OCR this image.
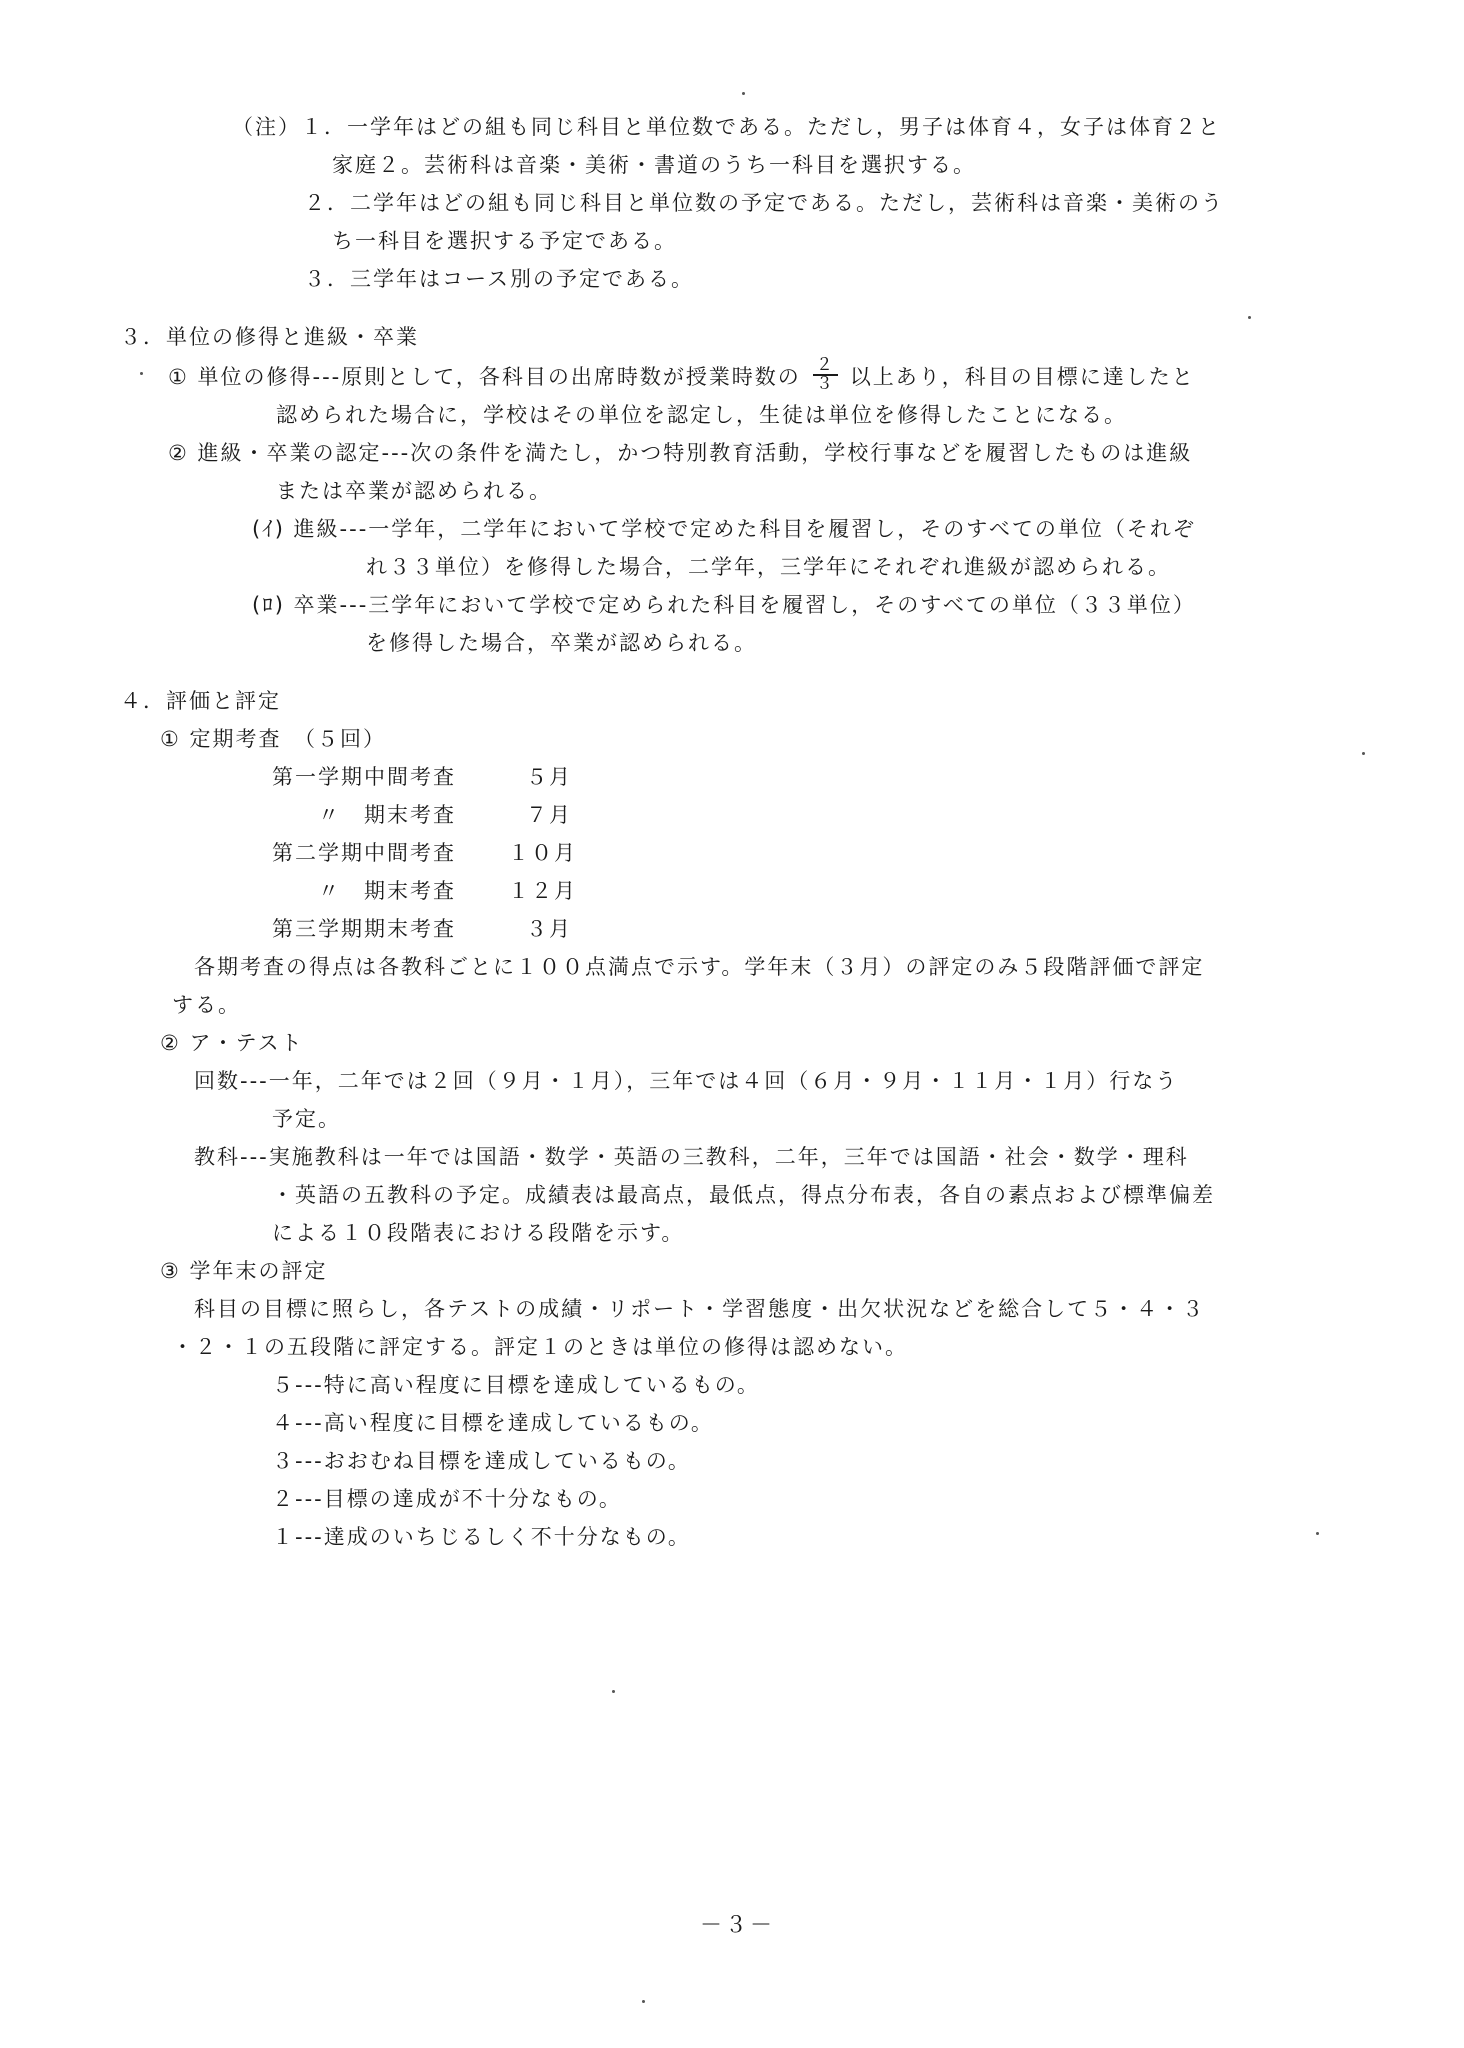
（注）１．一学年はどの組も同じ科目と単位数である。ただし，男子は体育４，女子は体育２と
家庭２。芸術科は音楽・美術・書道のうち一科目を選択する。
２．二学年はどの組も同じ科目と単位数の予定である。ただし，芸術科は音楽・美術のう
ち一科目を選択する予定である。
３．三学年はコース別の予定である。
３．単位の修得と進級・卒業
① 単位の修得‐‐‐原則として，各科目の出席時数が授業時数の $\frac{2}{3}$ 以上あり，科目の目標に達したと
認められた場合に，学校はその単位を認定し，生徒は単位を修得したことになる。
② 進級・卒業の認定‐‐‐次の条件を満たし，かつ特別教育活動，学校行事などを履習したものは進級
または卒業が認められる。
(ｲ) 進級‐‐‐一学年，二学年において学校で定めた科目を履習し，そのすべての単位（それぞ
れ３３単位）を修得した場合，二学年，三学年にそれぞれ進級が認められる。
(ﾛ) 卒業‐‐‐三学年において学校で定められた科目を履習し，そのすべての単位（３３単位）
を修得した場合，卒業が認められる。
４．評価と評定
① 定期考査　（５回）
第一学期中間考査	５月
〃　期末考査	７月
第二学期中間考査 １０月
〃　期末考査 １２月
第三学期期末考査	３月
各期考査の得点は各教科ごとに１００点満点で示す。学年末（３月）の評定のみ５段階評価で評定
する。
② ア・テスト
回数‐‐‐一年，二年では２回（９月・１月），三年では４回（６月・９月・１１月・１月）行なう
予定。
教科‐‐‐実施教科は一年では国語・数学・英語の三教科，二年，三年では国語・社会・数学・理科
・英語の五教科の予定。成績表は最高点，最低点，得点分布表，各自の素点および標準偏差
による１０段階表における段階を示す。
③ 学年末の評定
科目の目標に照らし，各テストの成績・リポート・学習態度・出欠状況などを総合して５・４・３
・２・１の五段階に評定する。評定１のときは単位の修得は認めない。
５‐‐‐特に高い程度に目標を達成しているもの。
４‐‐‐高い程度に目標を達成しているもの。
３‐‐‐おおむね目標を達成しているもの。
２‐‐‐目標の達成が不十分なもの。
１‐‐‐達成のいちじるしく不十分なもの。
－３－
